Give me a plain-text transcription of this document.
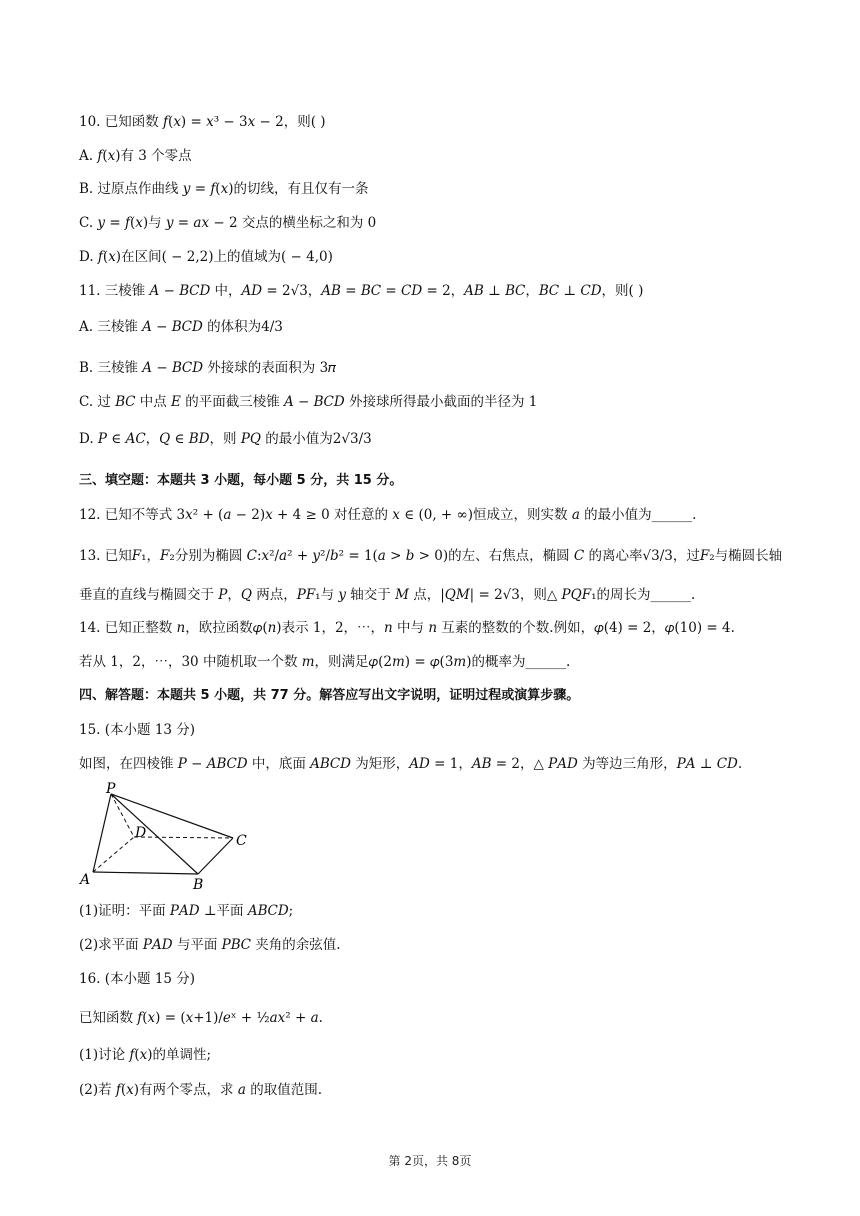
10. 已知函数 𝑓(𝑥) = 𝑥³ − 3𝑥 − 2，则( )
A. 𝑓(𝑥)有 3 个零点
B. 过原点作曲线 𝑦 = 𝑓(𝑥)的切线，有且仅有一条
C. 𝑦 = 𝑓(𝑥)与 𝑦 = 𝑎𝑥 − 2 交点的横坐标之和为 0
D. 𝑓(𝑥)在区间( − 2,2)上的值域为( − 4,0)
11. 三棱锥 𝐴 − 𝐵𝐶𝐷 中，𝐴𝐷 = 2√3，𝐴𝐵 = 𝐵𝐶 = 𝐶𝐷 = 2，𝐴𝐵 ⊥ 𝐵𝐶，𝐵𝐶 ⊥ 𝐶𝐷，则( )
A. 三棱锥 𝐴 − 𝐵𝐶𝐷 的体积为4/3
B. 三棱锥 𝐴 − 𝐵𝐶𝐷 外接球的表面积为 3𝜋
C. 过 𝐵𝐶 中点 𝐸 的平面截三棱锥 𝐴 − 𝐵𝐶𝐷 外接球所得最小截面的半径为 1
D. 𝑃 ∈ 𝐴𝐶，𝑄 ∈ 𝐵𝐷，则 𝑃𝑄 的最小值为2√3/3
三、填空题：本题共 3 小题，每小题 5 分，共 15 分。
12. 已知不等式 3𝑥² + (𝑎 − 2)𝑥 + 4 ≥ 0 对任意的 𝑥 ∈ (0, + ∞)恒成立，则实数 𝑎 的最小值为______.
13. 已知𝐹₁，𝐹₂分别为椭圆 𝐶:𝑥²/𝑎² + 𝑦²/𝑏² = 1(𝑎 > 𝑏 > 0)的左、右焦点，椭圆 𝐶 的离心率√3/3，过𝐹₂与椭圆长轴
垂直的直线与椭圆交于 𝑃，𝑄 两点，𝑃𝐹₁与 𝑦 轴交于 𝑀 点，|𝑄𝑀| = 2√3，则△ 𝑃𝑄𝐹₁的周长为______.
14. 已知正整数 𝑛，欧拉函数𝜑(𝑛)表示 1，2，⋯，𝑛 中与 𝑛 互素的整数的个数.例如，𝜑(4) = 2，𝜑(10) = 4.
若从 1，2，⋯，30 中随机取一个数 𝑚，则满足𝜑(2𝑚) = 𝜑(3𝑚)的概率为______.
四、解答题：本题共 5 小题，共 77 分。解答应写出文字说明，证明过程或演算步骤。
15. (本小题 13 分)
如图，在四棱锥 𝑃 − 𝐴𝐵𝐶𝐷 中，底面 𝐴𝐵𝐶𝐷 为矩形，𝐴𝐷 = 1，𝐴𝐵 = 2，△ 𝑃𝐴𝐷 为等边三角形，𝑃𝐴 ⊥ 𝐶𝐷.
P
A	B
C
D
(1)证明：平面 𝑃𝐴𝐷 ⊥平面 𝐴𝐵𝐶𝐷;
(2)求平面 𝑃𝐴𝐷 与平面 𝑃𝐵𝐶 夹角的余弦值.
16. (本小题 15 分)
已知函数 𝑓(𝑥) = (𝑥+1)/𝑒ˣ + ½𝑎𝑥² + 𝑎.
(1)讨论 𝑓(𝑥)的单调性;
(2)若 𝑓(𝑥)有两个零点，求 𝑎 的取值范围.
第 2页，共 8页
